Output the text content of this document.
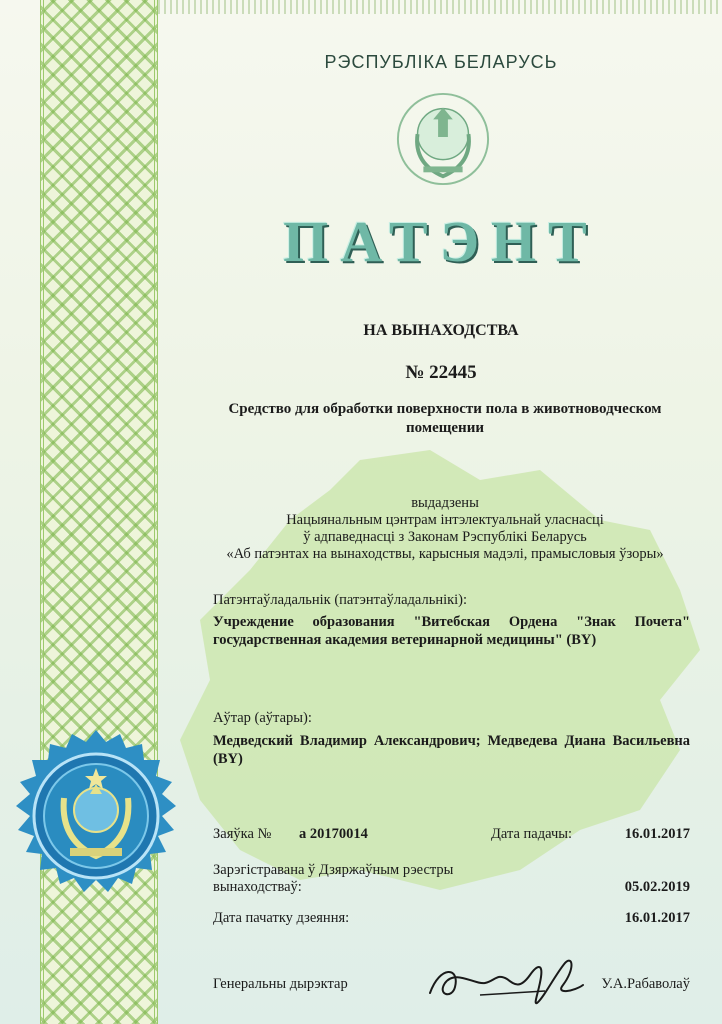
РЭСПУБЛІКА БЕЛАРУСЬ
ПАТЭНТ
НА ВЫНАХОДСТВА
№ 22445
Средство для обработки поверхности пола в животноводческом помещении
выдадзены
Нацыянальным цэнтрам інтэлектуальнай уласнасці
ў адпаведнасці з Законам Рэспублікі Беларусь
«Аб патэнтах на вынаходствы, карысныя мадэлі, прамысловыя ўзоры»
Патэнтаўладальнік (патэнтаўладальнікі):
Учреждение образования "Витебская Ордена "Знак Почета" государственная академия ветеринарной медицины" (BY)
Аўтар (аўтары):
Медведский Владимир Александрович; Медведева Диана Васильевна (BY)
Заяўка № а 20170014	Дата падачы:	16.01.2017
Зарэгістравана ў Дзяржаўным рэестры
вынаходстваў:	05.02.2019
Дата пачатку дзеяння:	16.01.2017
Генеральны дырэктар	У.А.Рабаволаў
